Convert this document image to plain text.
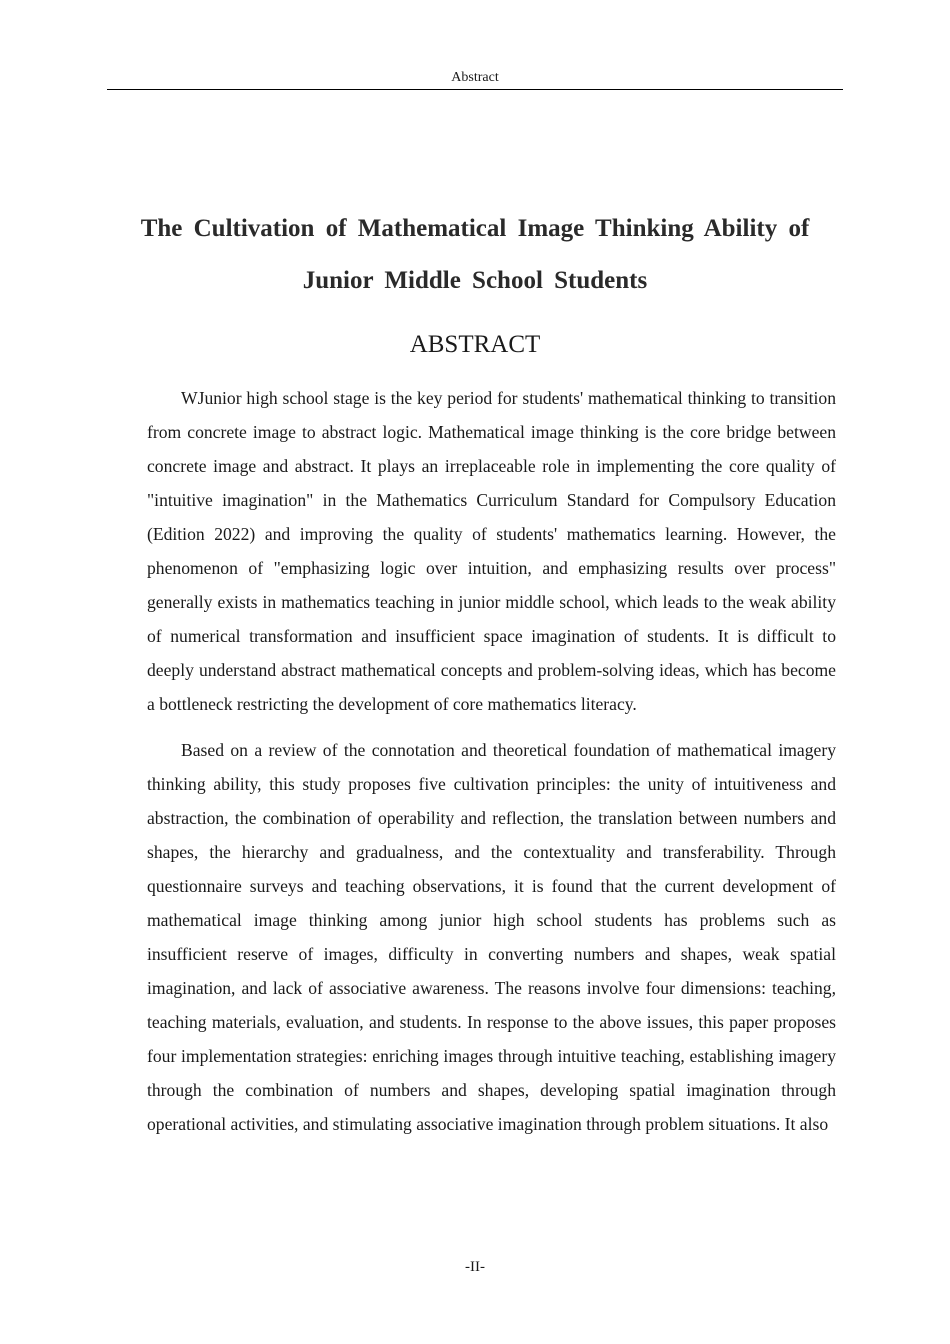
Abstract
The Cultivation of Mathematical Image Thinking Ability of
Junior Middle School Students
ABSTRACT

WJunior high school stage is the key period for students' mathematical thinking to transition from concrete image to abstract logic. Mathematical image thinking is the core bridge between concrete image and abstract. It plays an irreplaceable role in implementing the core quality of "intuitive imagination" in the Mathematics Curriculum Standard for Compulsory Education (Edition 2022) and improving the quality of students' mathematics learning. However, the phenomenon of "emphasizing logic over intuition, and emphasizing results over process" generally exists in mathematics teaching in junior middle school, which leads to the weak ability of numerical transformation and insufficient space imagination of students. It is difficult to deeply understand abstract mathematical concepts and problem-solving ideas, which has become a bottleneck restricting the development of core mathematics literacy.

Based on a review of the connotation and theoretical foundation of mathematical imagery thinking ability, this study proposes five cultivation principles: the unity of intuitiveness and abstraction, the combination of operability and reflection, the translation between numbers and shapes, the hierarchy and gradualness, and the contextuality and transferability. Through questionnaire surveys and teaching observations, it is found that the current development of mathematical image thinking among junior high school students has problems such as insufficient reserve of images, difficulty in converting numbers and shapes, weak spatial imagination, and lack of associative awareness. The reasons involve four dimensions: teaching, teaching materials, evaluation, and students. In response to the above issues, this paper proposes four implementation strategies: enriching images through intuitive teaching, establishing imagery through the combination of numbers and shapes, developing spatial imagination through operational activities, and stimulating associative imagination through problem situations. It also

-II-
